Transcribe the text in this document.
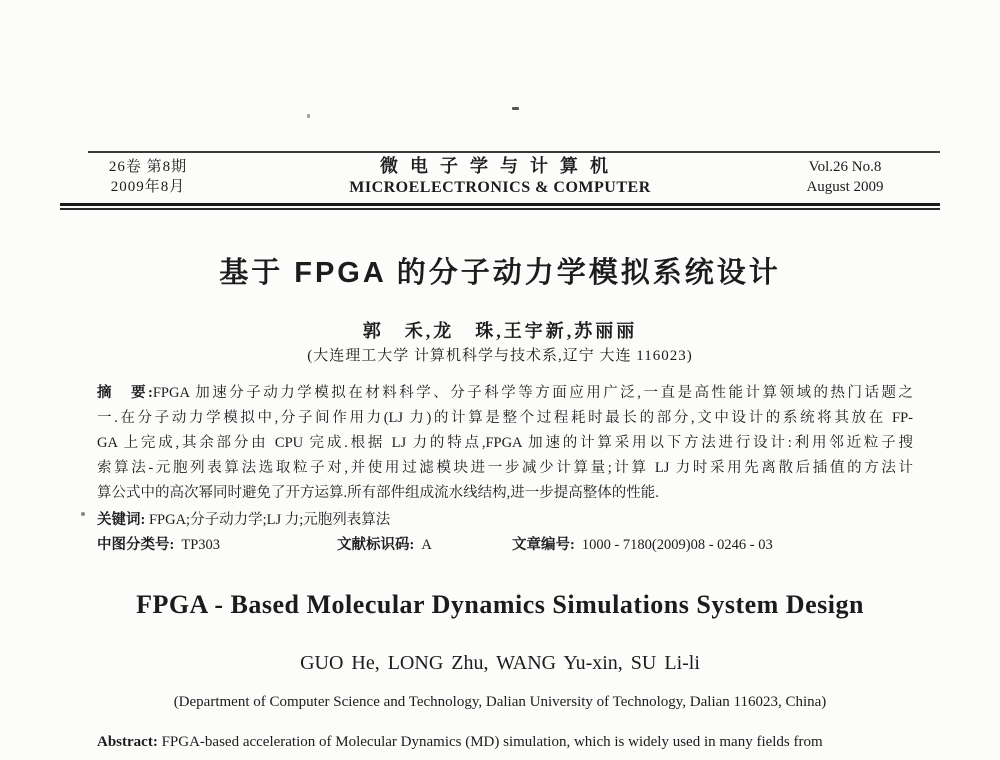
26卷 第8期
2009年8月
微电子学与计算机
MICROELECTRONICS & COMPUTER
Vol.26 No.8
August 2009
基于 FPGA 的分子动力学模拟系统设计
郭　禾,龙　珠,王宇新,苏丽丽
(大连理工大学 计算机科学与技术系,辽宁 大连 116023)
摘　要:FPGA 加速分子动力学模拟在材料科学、分子科学等方面应用广泛,一直是高性能计算领域的热门话题之
一.在分子动力学模拟中,分子间作用力(LJ 力)的计算是整个过程耗时最长的部分,文中设计的系统将其放在 FP-
GA 上完成,其余部分由 CPU 完成.根据 LJ 力的特点,FPGA 加速的计算采用以下方法进行设计:利用邻近粒子搜
索算法-元胞列表算法选取粒子对,并使用过滤模块进一步减少计算量;计算 LJ 力时采用先离散后插值的方法计
算公式中的高次幂同时避免了开方运算.所有部件组成流水线结构,进一步提高整体的性能.
关键词: FPGA;分子动力学;LJ 力;元胞列表算法
中图分类号: TP303	文献标识码: A	文章编号: 1000 - 7180(2009)08 - 0246 - 03
FPGA - Based Molecular Dynamics Simulations System Design
GUO He, LONG Zhu, WANG Yu-xin, SU Li-li
(Department of Computer Science and Technology, Dalian University of Technology, Dalian 116023, China)
Abstract: FPGA-based acceleration of Molecular Dynamics (MD) simulation, which is widely used in many fields from
